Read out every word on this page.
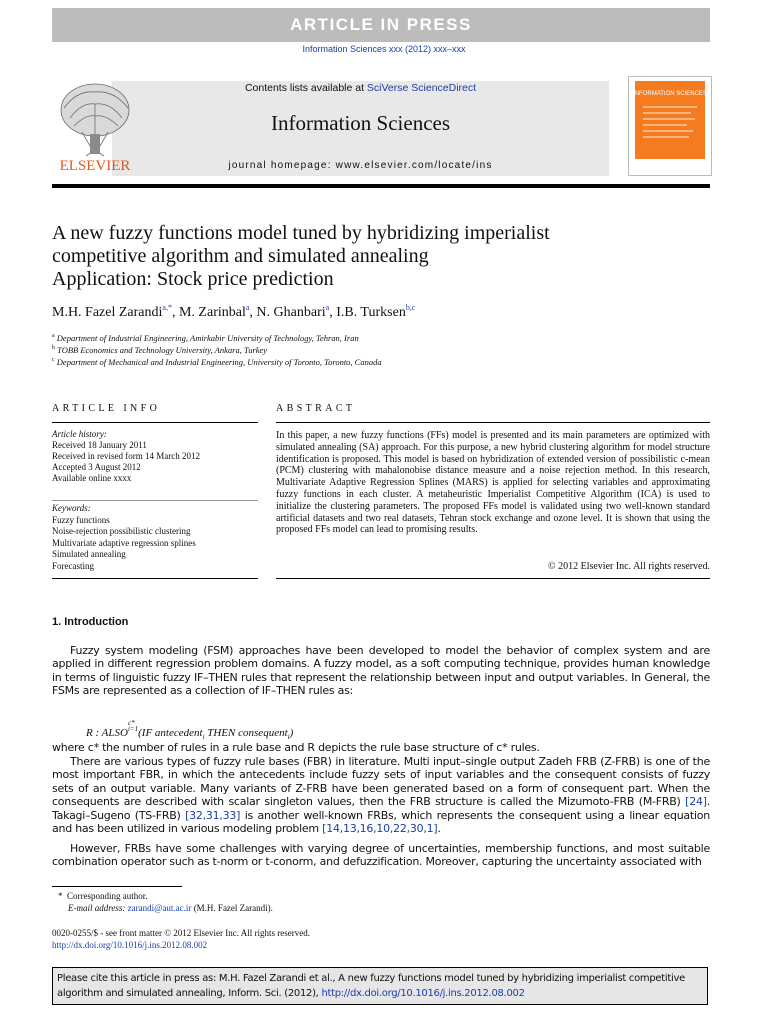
ARTICLE IN PRESS
Information Sciences xxx (2012) xxx–xxx
ELSEVIER
Contents lists available at SciVerse ScienceDirect
Information Sciences
journal homepage: www.elsevier.com/locate/ins
INFORMATION SCIENCES
A new fuzzy functions model tuned by hybridizing imperialist
competitive algorithm and simulated annealing
Application: Stock price prediction
M.H. Fazel Zarandi$^{a,*}$, M. Zarinbal$^a$, N. Ghanbari$^a$, I.B. Turksen$^{b,c}$
$^a$ Department of Industrial Engineering, Amirkabir University of Technology, Tehran, Iran
$^b$ TOBB Economics and Technology University, Ankara, Turkey
$^c$ Department of Mechanical and Industrial Engineering, University of Toronto, Toronto, Canada
ARTICLE INFO	ABSTRACT
Article history:
Received 18 January 2011
Received in revised form 14 March 2012
Accepted 3 August 2012
Available online xxxx
Keywords:
Fuzzy functions
Noise-rejection possibilistic clustering
Multivariate adaptive regression splines
Simulated annealing
Forecasting
In this paper, a new fuzzy functions (FFs) model is presented and its main parameters are optimized with simulated annealing (SA) approach. For this purpose, a new hybrid clustering algorithm for model structure identification is proposed. This model is based on hybridization of extended version of possibilistic c-mean (PCM) clustering with mahalonobise distance measure and a noise rejection method. In this research, Multivariate Adaptive Regression Splines (MARS) is applied for selecting variables and approximating fuzzy functions in each cluster. A metaheuristic Imperialist Competitive Algorithm (ICA) is used to initialize the clustering parameters. The proposed FFs model is validated using two well-known standard artificial datasets and two real datasets, Tehran stock exchange and ozone level. It is shown that using the proposed FFs model can lead to promising results.
© 2012 Elsevier Inc. All rights reserved.
1. Introduction
Fuzzy system modeling (FSM) approaches have been developed to model the behavior of complex system and are applied in different regression problem domains. A fuzzy model, as a soft computing technique, provides human knowledge in terms of linguistic fuzzy IF–THEN rules that represent the relationship between input and output variables. In General, the FSMs are represented as a collection of IF–THEN rules as:
R : ALSOc*
i=1(IF antecedent$_i$ THEN consequent$_i$)
where c* the number of rules in a rule base and R depicts the rule base structure of c* rules.
There are various types of fuzzy rule bases (FBR) in literature. Multi input–single output Zadeh FRB (Z-FRB) is one of the most important FBR, in which the antecedents include fuzzy sets of input variables and the consequent consists of fuzzy sets of an output variable. Many variants of Z-FRB have been generated based on a form of consequent part. When the consequents are described with scalar singleton values, then the FRB structure is called the Mizumoto-FRB (M-FRB) [24]. Takagi–Sugeno (TS-FRB) [32,31,33] is another well-known FRBs, which represents the consequent using a linear equation and has been utilized in various modeling problem [14,13,16,10,22,30,1].
However, FRBs have some challenges with varying degree of uncertainties, membership functions, and most suitable combination operator such as t-norm or t-conorm, and defuzzification. Moreover, capturing the uncertainty associated with
*  Corresponding author.
E-mail address: zarandi@aut.ac.ir (M.H. Fazel Zarandi).
0020-0255/$ - see front matter © 2012 Elsevier Inc. All rights reserved.
http://dx.doi.org/10.1016/j.ins.2012.08.002
Please cite this article in press as: M.H. Fazel Zarandi et al., A new fuzzy functions model tuned by hybridizing imperialist competitive algorithm and simulated annealing, Inform. Sci. (2012), http://dx.doi.org/10.1016/j.ins.2012.08.002
